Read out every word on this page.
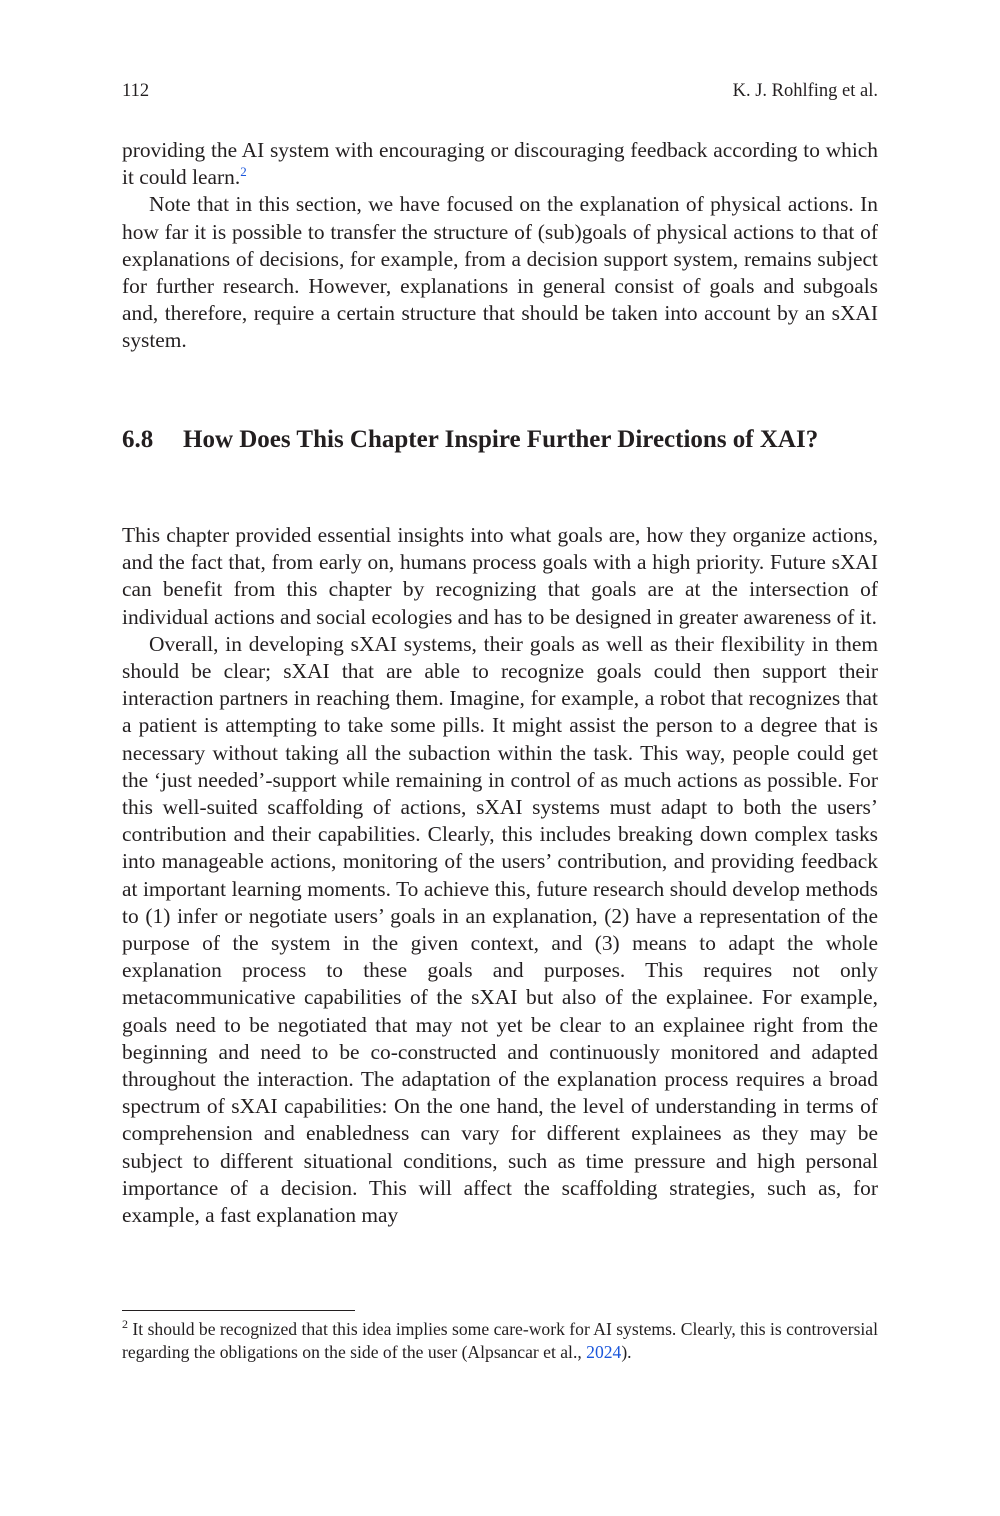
112	K. J. Rohlfing et al.

providing the AI system with encouraging or discouraging feedback according to which it could learn.$^2$

Note that in this section, we have focused on the explanation of physical actions. In how far it is possible to transfer the structure of (sub)goals of physical actions to that of explanations of decisions, for example, from a decision support system, remains subject for further research. However, explanations in general consist of goals and subgoals and, therefore, require a certain structure that should be taken into account by an sXAI system.

6.8 How Does This Chapter Inspire Further Directions of XAI?

This chapter provided essential insights into what goals are, how they organize actions, and the fact that, from early on, humans process goals with a high priority. Future sXAI can benefit from this chapter by recognizing that goals are at the intersection of individual actions and social ecologies and has to be designed in greater awareness of it.

Overall, in developing sXAI systems, their goals as well as their flexibility in them should be clear; sXAI that are able to recognize goals could then support their interaction partners in reaching them. Imagine, for example, a robot that recognizes that a patient is attempting to take some pills. It might assist the person to a degree that is necessary without taking all the subaction within the task. This way, people could get the ‘just needed’-support while remaining in control of as much actions as possible. For this well-suited scaffolding of actions, sXAI systems must adapt to both the users’ contribution and their capabilities. Clearly, this includes breaking down complex tasks into manageable actions, monitoring of the users’ contribution, and providing feedback at important learning moments. To achieve this, future research should develop methods to (1) infer or negotiate users’ goals in an explanation, (2) have a representation of the purpose of the system in the given context, and (3) means to adapt the whole explanation process to these goals and purposes. This requires not only metacommunicative capabilities of the sXAI but also of the explainee. For example, goals need to be negotiated that may not yet be clear to an explainee right from the beginning and need to be co-constructed and continuously monitored and adapted throughout the interaction. The adaptation of the explanation process requires a broad spectrum of sXAI capabilities: On the one hand, the level of understanding in terms of comprehension and enabledness can vary for different explainees as they may be subject to different situational conditions, such as time pressure and high personal importance of a decision. This will affect the scaffolding strategies, such as, for example, a fast explanation may

$^2$ It should be recognized that this idea implies some care-work for AI systems. Clearly, this is controversial regarding the obligations on the side of the user (Alpsancar et al., 2024).
